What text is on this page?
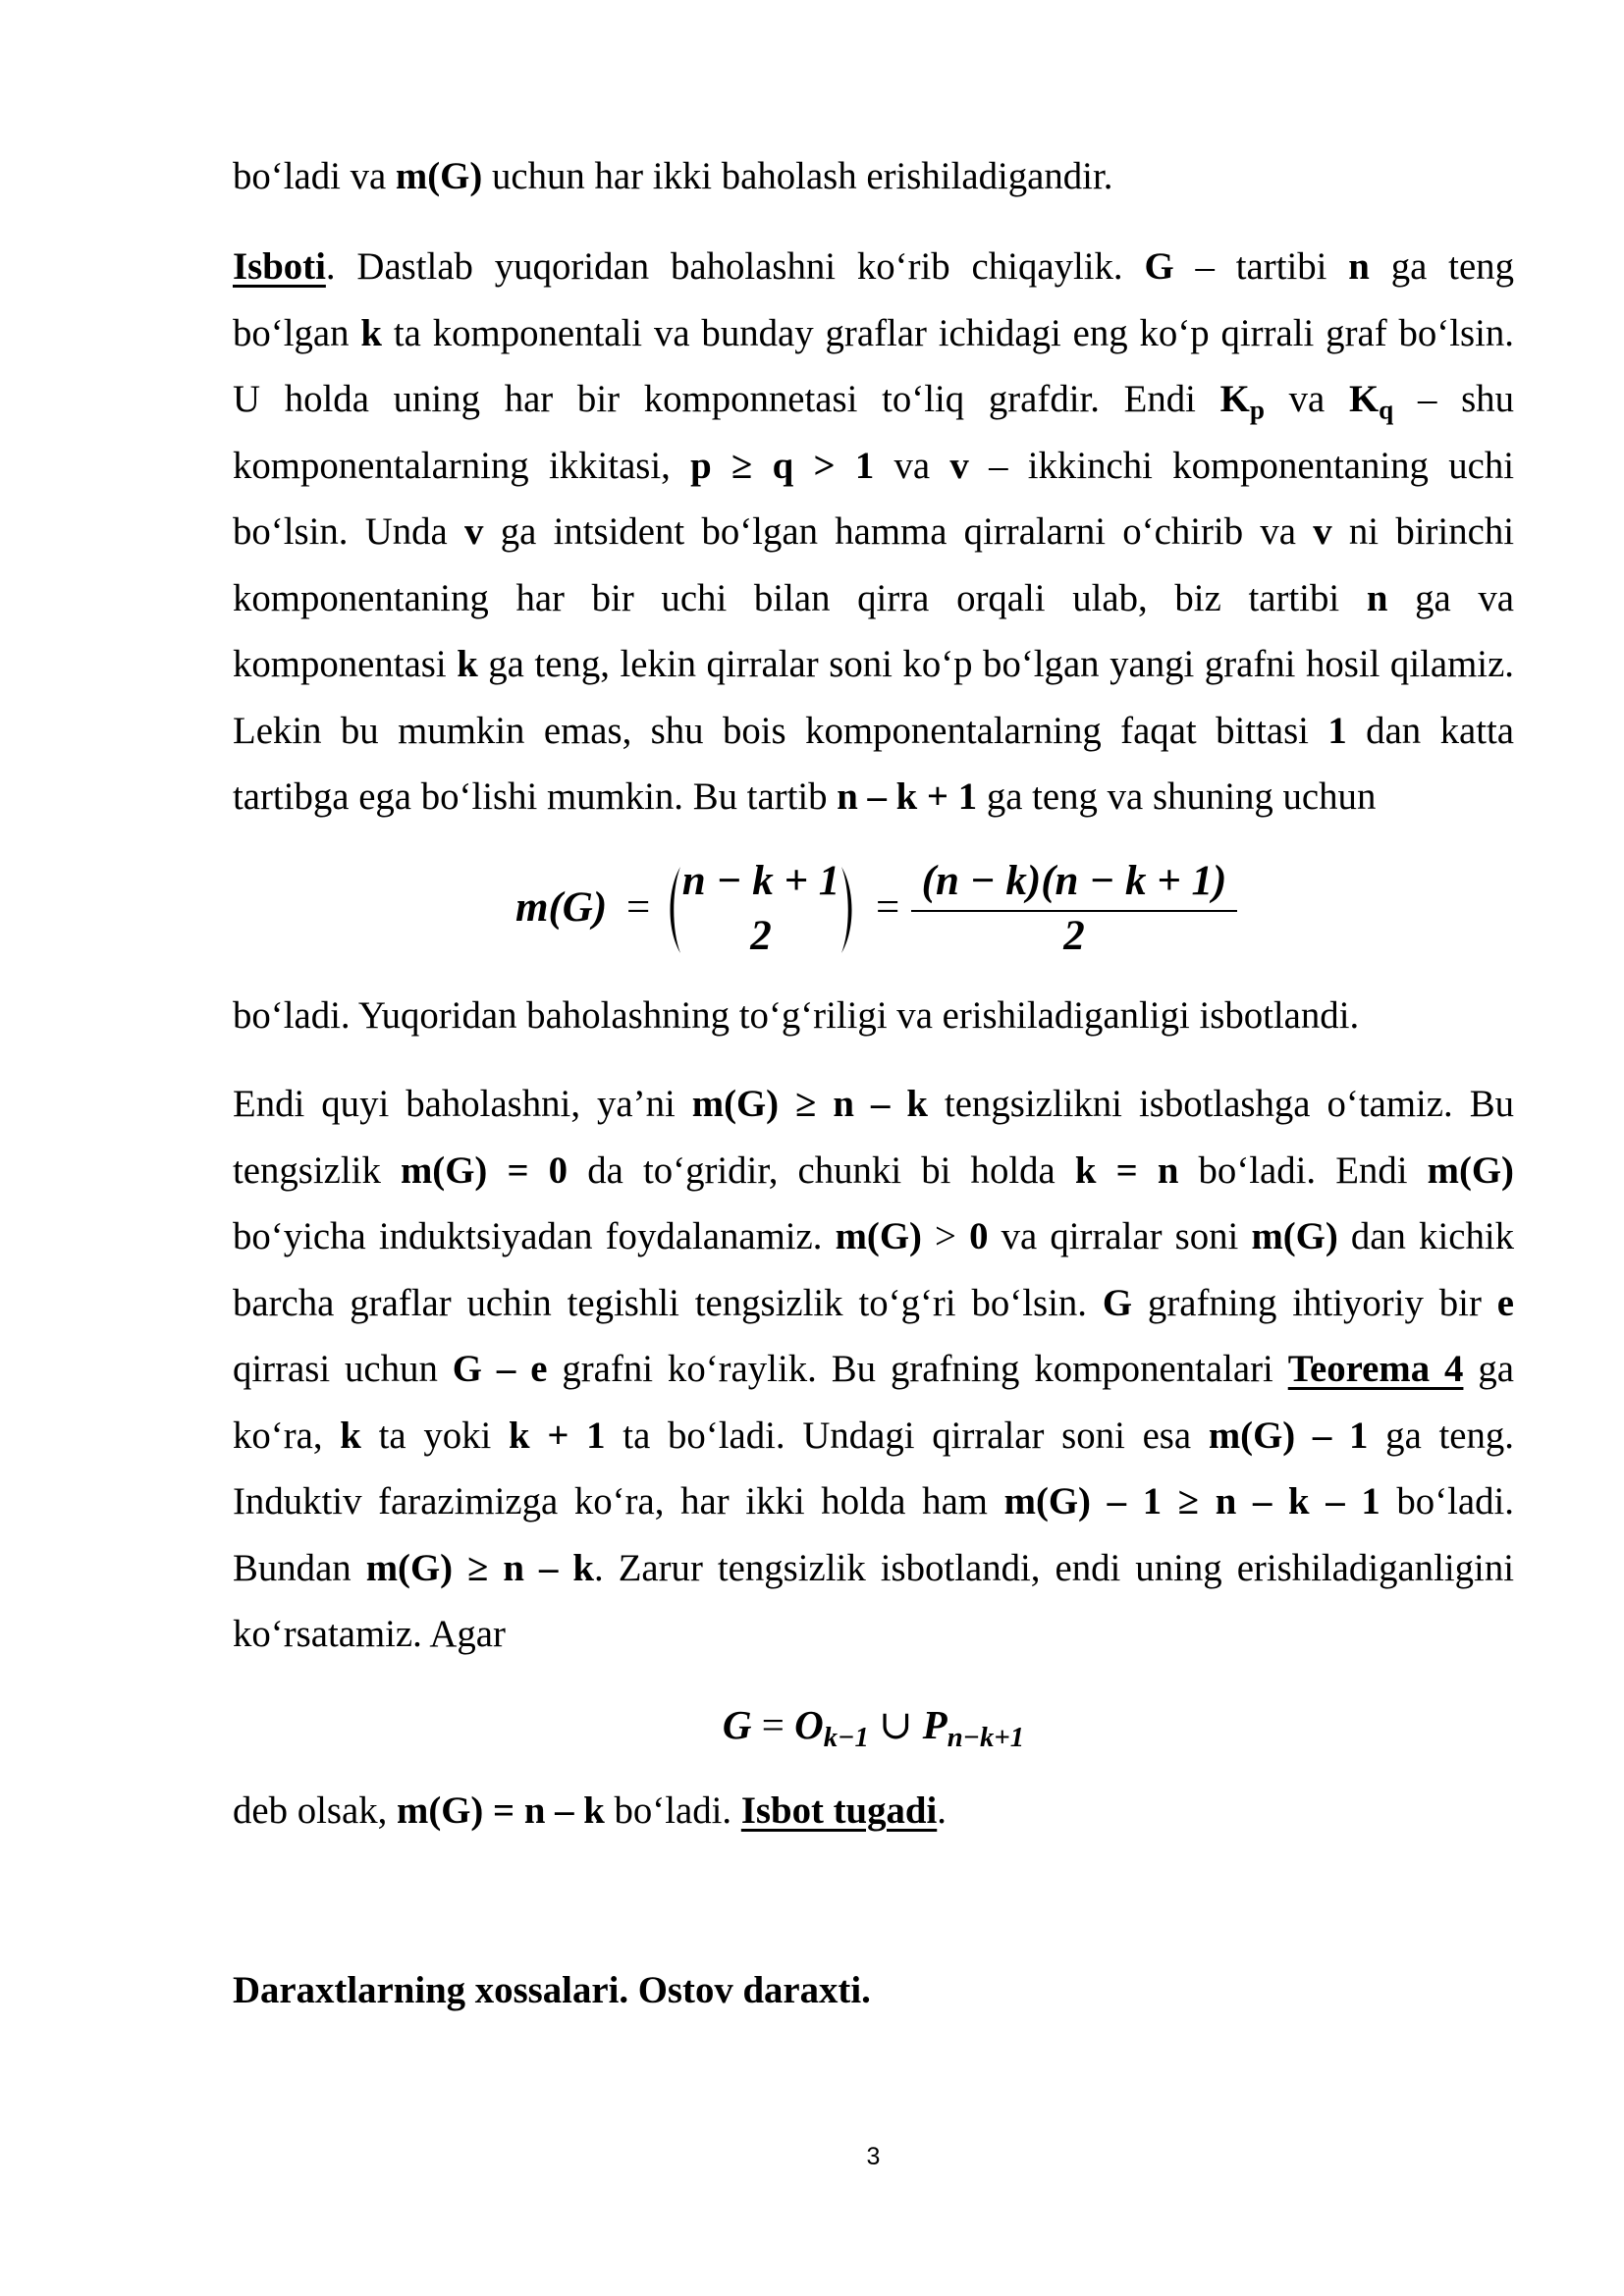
bo‘ladi va m(G) uchun har ikki baholash erishiladigandir.
Isboti. Dastlab yuqoridan baholashni ko‘rib chiqaylik. G – tartibi n ga teng
bo‘lgan k ta komponentali va bunday graflar ichidagi eng ko‘p qirrali graf bo‘lsin.
U holda uning har bir komponnetasi to‘liq grafdir. Endi $K_p$ va $K_q$ – shu
komponentalarning ikkitasi, p ≥ q > 1 va v – ikkinchi komponentaning uchi
bo‘lsin. Unda v ga intsident bo‘lgan hamma qirralarni o‘chirib va v ni birinchi
komponentaning har bir uchi bilan qirra orqali ulab, biz tartibi n ga va
komponentasi k ga teng, lekin qirralar soni ko‘p bo‘lgan yangi grafni hosil qilamiz.
Lekin bu mumkin emas, shu bois komponentalarning faqat bittasi 1 dan katta
tartibga ega bo‘lishi mumkin. Bu tartib n – k + 1 ga teng va shuning uchun
m(G) =
n − k + 1
2
=
(n − k)(n − k + 1)
2
bo‘ladi. Yuqoridan baholashning to‘g‘riligi va erishiladiganligi isbotlandi.
Endi quyi baholashni, ya’ni m(G) ≥ n – k tengsizlikni isbotlashga o‘tamiz. Bu
tengsizlik m(G) = 0 da to‘gridir, chunki bi holda k = n bo‘ladi. Endi m(G)
bo‘yicha induktsiyadan foydalanamiz. m(G) > 0 va qirralar soni m(G) dan kichik
barcha graflar uchin tegishli tengsizlik to‘g‘ri bo‘lsin. G grafning ihtiyoriy bir e
qirrasi uchun G – e grafni ko‘raylik. Bu grafning komponentalari Teorema 4 ga
ko‘ra, k ta yoki k + 1 ta bo‘ladi. Undagi qirralar soni esa m(G) – 1 ga teng.
Induktiv farazimizga ko‘ra, har ikki holda ham m(G) – 1 ≥ n – k – 1 bo‘ladi.
Bundan m(G) ≥ n – k. Zarur tengsizlik isbotlandi, endi uning erishiladiganligini
ko‘rsatamiz. Agar
$G = O_{k-1}$ ∪ $P_{n-k+1}$
deb olsak, m(G) = n – k bo‘ladi. Isbot tugadi.
Daraxtlarning xossalari. Ostov daraxti.
3
